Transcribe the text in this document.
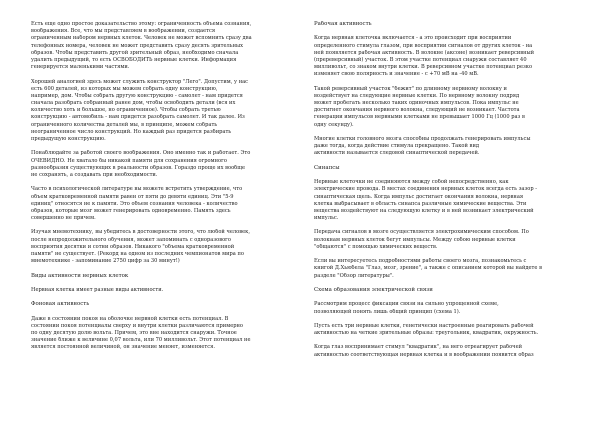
Есть еще одно простое доказательство этому: ограниченность объема сознания,
воображения. Все, что мы представляем в воображении, создается
ограниченным набором нервных клеток. Человек не может вспомнить сразу два
телефонных номера, человек не может представить сразу десять зрительных
образов. Чтобы представить другой зрительный образ, необходимо сначала
удалить предыдущий, то есть ОСВОБОДИТЬ нервные клетки. Информация
генерируется маленькими частями.
Хорошей аналогией здесь может служить конструктор "Лего". Допустим, у нас
есть 600 деталей, из которых мы можем собрать одну конструкцию,
например, дом. Чтобы собрать другую конструкцию - самолет - нам придется
сначала разобрать собранный ранее дом, чтобы освободить детали (вся их
количество хоть и большое, но ограниченное). Чтобы собрать третью
конструкцию - автомобиль - нам придется разобрать самолет. И так далее. Из
ограниченного количества деталей мы, в принципе, можем собрать
неограниченное число конструкций. Но каждый раз придется разбирать
предыдущую конструкцию.
Понаблюдайте за работой своего воображения. Оно именно так и работает. Это
ОЧЕВИДНО. Не хватало бы никакой памяти для сохранения огромного
разнообразия существующих в реальности образов. Гораздо проще их вообще
не сохранять, а создавать при необходимости.
Часто в психологической литературе вы можете встретить утверждение, что
объем кратковременной памяти равен от пяти до девяти единиц. Эти "5-9
единиц" относятся не к памяти. Это объем сознания человека - количество
образов, которые мозг может генерировать одновременно. Память здесь
совершенно не причем.
Изучая мнемотехнику, вы убедитесь в достоверности этого, что любой человек,
после непродолжительного обучения, может запоминать с одноразового
восприятия десятки и сотни образов. Никакого "объема кратковременной
памяти" не существует. (Рекорд на одном из последних чемпионатов мира по
мнемотехнике - запоминание 2750 цифр за 30 минут!)
Виды активности нервных клеток
Нервная клетка имеет разные виды активности.
Фоновая активность
Даже в состоянии покоя на оболочке нервной клетки есть потенциал. В
состоянии покоя потенциалы сверху и внутри клетки различаются примерно
по одну десятую долю вольта. Причем, это вне находится снаружи. Точное
значение ближе к величине 0,07 вольта, или 70 милливольт. Этот потенциал не
является постоянной величиной, он значение меняет, изменяется.
Рабочая активность
Когда нервная клеточка включается - а это происходит при восприятии
определенного стимула глазом, при восприятии сигналов от других клеток - на
ней появляется рабочая активность. В волокне (аксоне) возникает реверсивный
(пререверсивный) участок. В этом участке потенциал снаружи составляет 40
милливольт, со знаком внутри клетки. В реверсивном участке потенциал резко
изменяет свою полярность и значение - с +70 мВ на -40 мВ.
Такой реверсивный участок "бежит" по длинному нервному волокну и
воздействует на следующие нервные клетки. По нервному волокну подряд
может пробегать несколько таких одиночных импульсов. Пока импульс не
достигнет окончания нервного волокна, следующий не возникает. Частота
генерации импульсов нервными клетками не превышает 1000 Гц (1000 раз в
одну секунду).
Многие клетки головного мозга способны продолжать генерировать импульсы
даже тогда, когда действие стимула прекращено. Такой вид
активности называется следовой синаптической передачей.
Синапсы
Нервные клеточки не соединяются между собой непосредственно, как
электрические провода. В местах соединения нервных клеток всегда есть зазор -
синаптическая щель. Когда импульс достигает окончания волокна, нервная
клетка выбрасывает в область синапса различные химические вещества. Эти
вещества воздействуют на следующую клетку и в ней возникает электрический
импульс.
Передача сигналов в мозге осуществляется электрохимическим способом. По
волокнам нервных клеток бегут импульсы. Между собою нервные клетки
"общаются" с помощью химических веществ.
Если вы интересуетесь подробностями работы своего мозга, познакомьтесь с
книгой Д.Хьюбела "Глаз, мозг, зрение", а также с описанием которой вы найдете в
разделе "Обзор литературы".
Схема образования электрической связи
Рассмотрим процесс фиксации связи на сильно упрощенной схеме,
позволяющей понять лишь общий принцип (схема 1).
Пусть есть три нервные клетки, генетически настроенные реагировать рабочей
активностью на четкие зрительные образы: треугольник, квадратик, окружность.
Когда глаз воспринимает стимул "квадратик", на него отреагирует рабочей
активностью соответствующая нервная клетка и в воображении появится образ
